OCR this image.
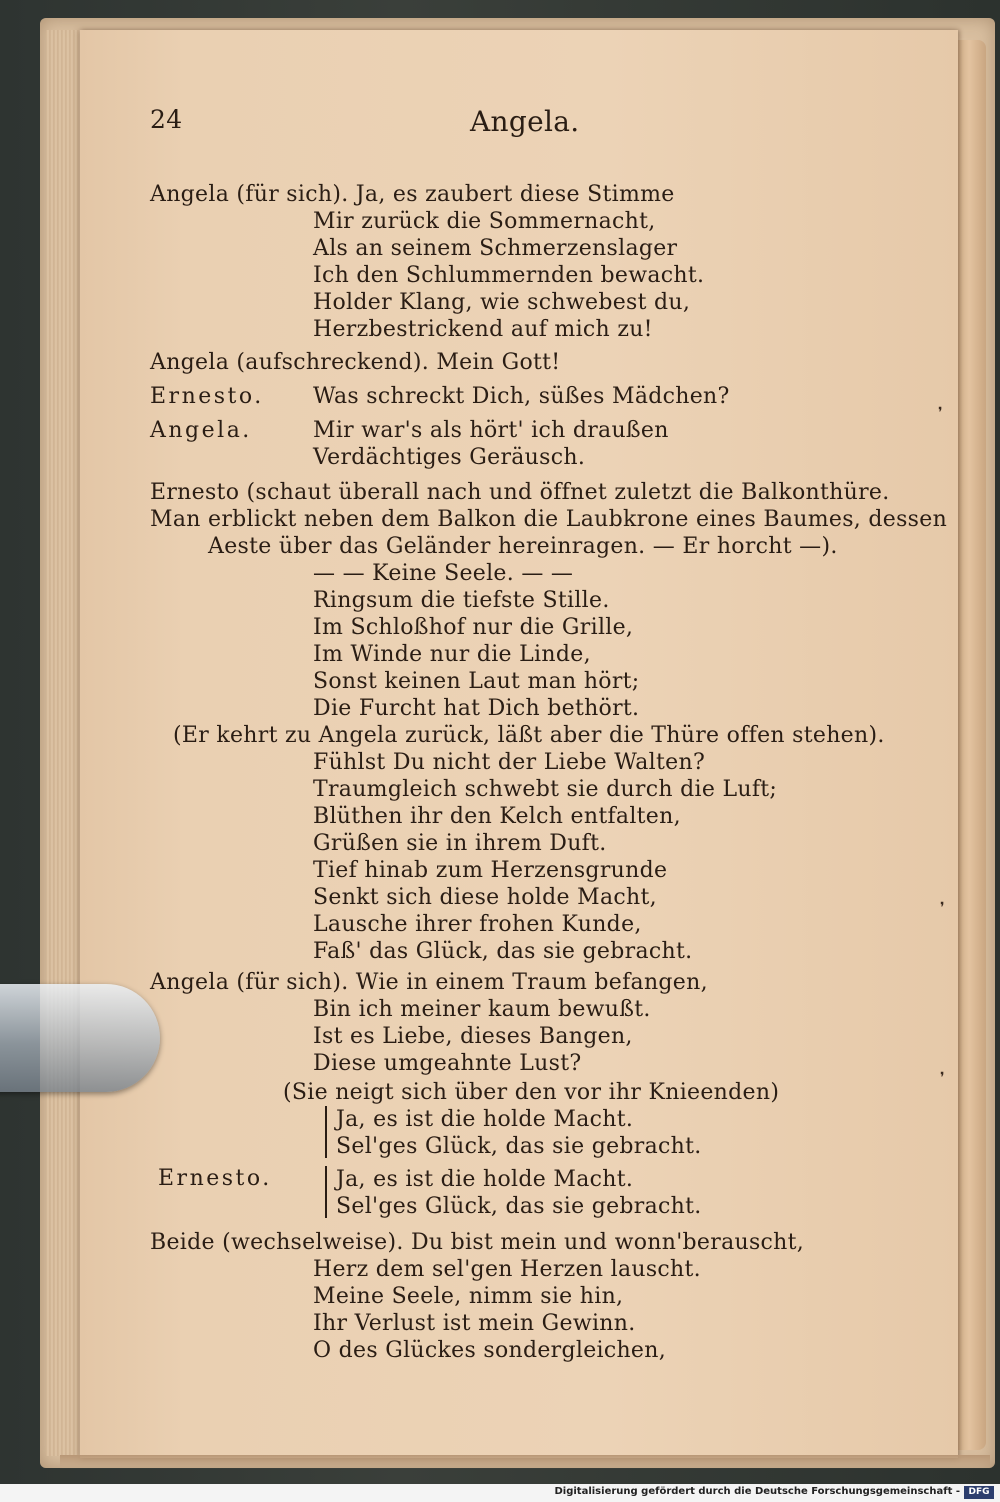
24	Angela.
Angela (für sich). Ja, es zaubert diese Stimme
Mir zurück die Sommernacht,
Als an seinem Schmerzenslager
Ich den Schlummernden bewacht.
Holder Klang, wie schwebest du,
Herzbestrickend auf mich zu!
Angela (aufschreckend). Mein Gott!
Ernesto. Was schreckt Dich, süßes Mädchen?
Angela.	Mir war's als hört' ich draußen
Verdächtiges Geräusch.
Ernesto (schaut überall nach und öffnet zuletzt die Balkonthüre.
Man erblickt neben dem Balkon die Laubkrone eines Baumes, dessen
Aeste über das Geländer hereinragen. — Er horcht —).
— — Keine Seele. — —
Ringsum die tiefste Stille.
Im Schloßhof nur die Grille,
Im Winde nur die Linde,
Sonst keinen Laut man hört;
Die Furcht hat Dich bethört.
(Er kehrt zu Angela zurück, läßt aber die Thüre offen stehen).
Fühlst Du nicht der Liebe Walten?
Traumgleich schwebt sie durch die Luft;
Blüthen ihr den Kelch entfalten,
Grüßen sie in ihrem Duft.
Tief hinab zum Herzensgrunde
Senkt sich diese holde Macht,
Lausche ihrer frohen Kunde,
Faß' das Glück, das sie gebracht.
Angela (für sich). Wie in einem Traum befangen,
Bin ich meiner kaum bewußt.
Ist es Liebe, dieses Bangen,
Diese umgeahnte Lust?
(Sie neigt sich über den vor ihr Knieenden)
Ja, es ist die holde Macht.
Sel'ges Glück, das sie gebracht.
Ernesto.	Ja, es ist die holde Macht.
Sel'ges Glück, das sie gebracht.
Beide (wechselweise). Du bist mein und wonn'berauscht,
Herz dem sel'gen Herzen lauscht.
Meine Seele, nimm sie hin,
Ihr Verlust ist mein Gewinn.
O des Glückes sondergleichen,
❜
❜
❜
Digitalisierung gefördert durch die Deutsche Forschungsgemeinschaft - DFG
